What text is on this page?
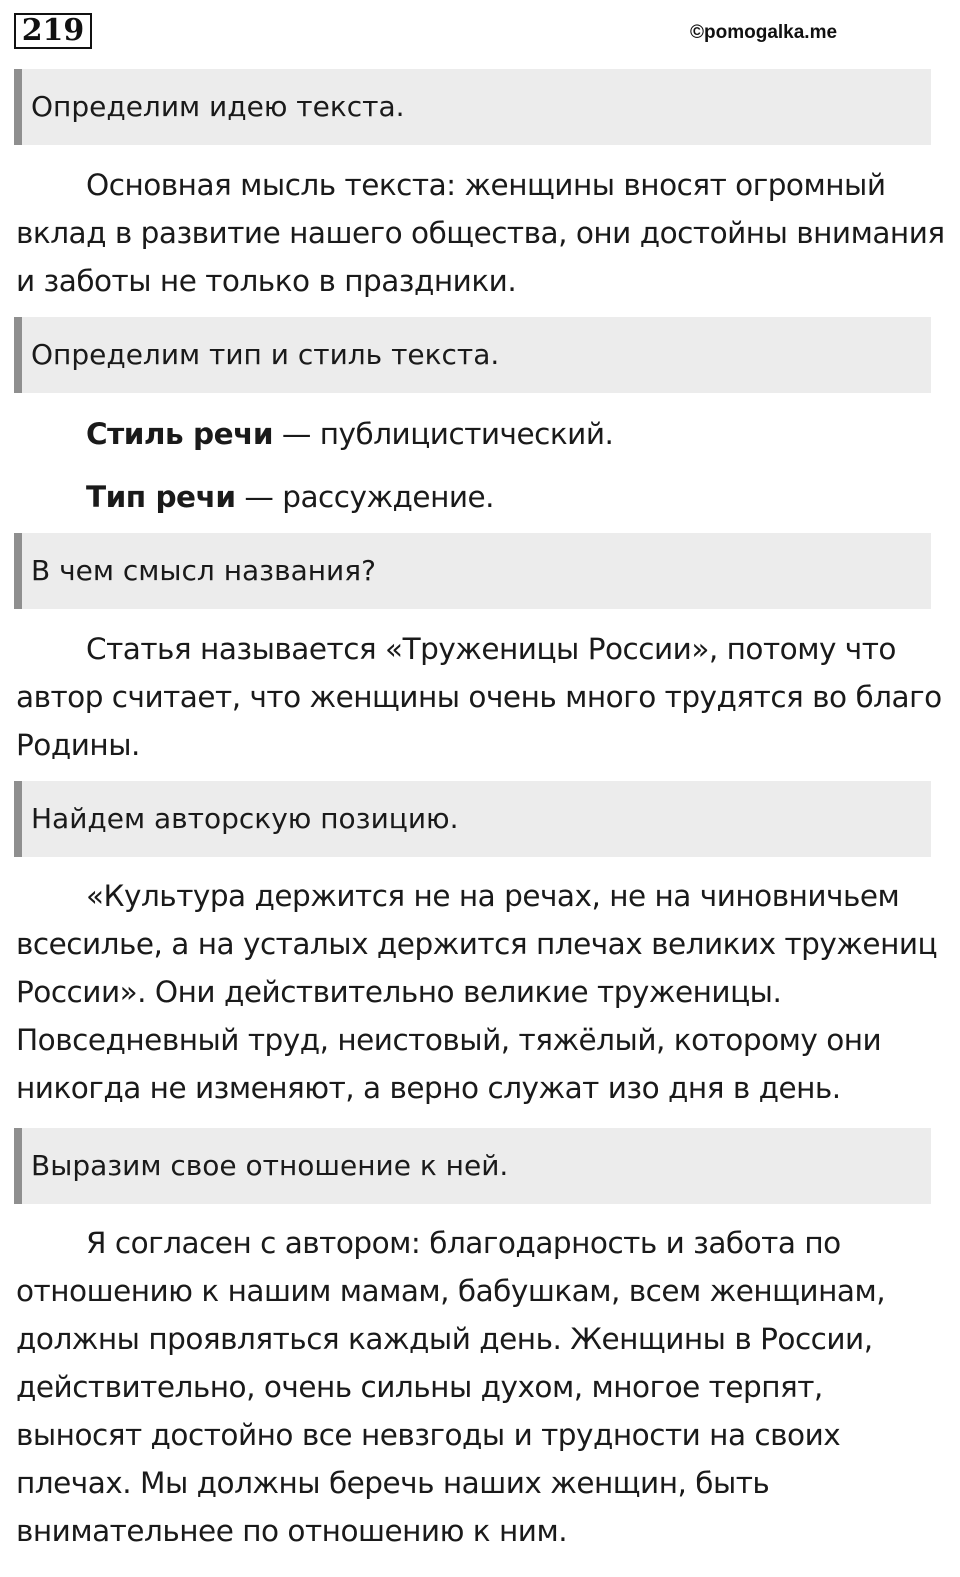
219	©pomogalka.me
Определим идею текста.
Основная мысль текста: женщины вносят огромный
вклад в развитие нашего общества, они достойны внимания
и заботы не только в праздники.
Определим тип и стиль текста.
Стиль речи — публицистический.
Тип речи — рассуждение.
В чем смысл названия?
Статья называется «Труженицы России», потому что
автор считает, что женщины очень много трудятся во благо
Родины.
Найдем авторскую позицию.
«Культура держится не на речах, не на чиновничьем
всесилье, а на усталых держится плечах великих тружениц
России». Они действительно великие труженицы.
Повседневный труд, неистовый, тяжёлый, которому они
никогда не изменяют, а верно служат изо дня в день.
Выразим свое отношение к ней.
Я согласен с автором: благодарность и забота по
отношению к нашим мамам, бабушкам, всем женщинам,
должны проявляться каждый день. Женщины в России,
действительно, очень сильны духом, многое терпят,
выносят достойно все невзгоды и трудности на своих
плечах. Мы должны беречь наших женщин, быть
внимательнее по отношению к ним.
